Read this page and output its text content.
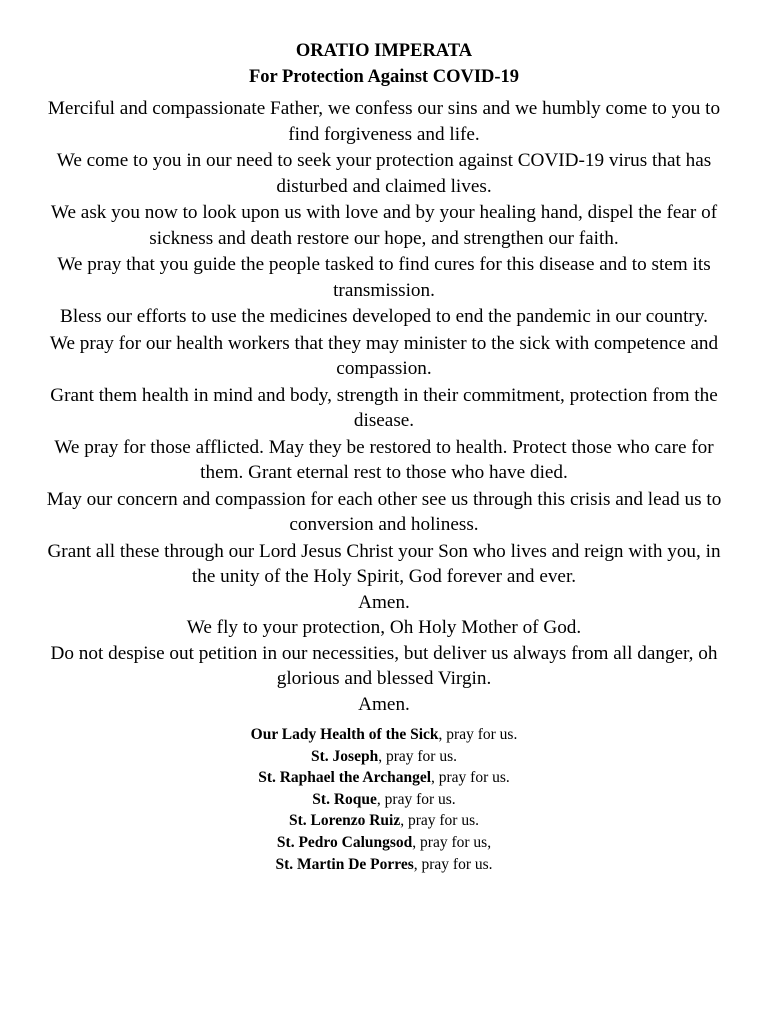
ORATIO IMPERATA

For Protection Against COVID-19

Merciful and compassionate Father, we confess our sins and we humbly come to you to find forgiveness and life.

We come to you in our need to seek your protection against COVID-19 virus that has disturbed and claimed lives.

We ask you now to look upon us with love and by your healing hand, dispel the fear of sickness and death restore our hope, and strengthen our faith.

We pray that you guide the people tasked to find cures for this disease and to stem its transmission.

Bless our efforts to use the medicines developed to end the pandemic in our country.

We pray for our health workers that they may minister to the sick with competence and compassion.

Grant them health in mind and body, strength in their commitment, protection from the disease.

We pray for those afflicted. May they be restored to health. Protect those who care for them. Grant eternal rest to those who have died.

May our concern and compassion for each other see us through this crisis and lead us to conversion and holiness.

Grant all these through our Lord Jesus Christ your Son who lives and reign with you, in the unity of the Holy Spirit, God forever and ever.

Amen.

We fly to your protection, Oh Holy Mother of God.

Do not despise out petition in our necessities, but deliver us always from all danger, oh glorious and blessed Virgin.

Amen.

Our Lady Health of the Sick, pray for us.

St. Joseph, pray for us.

St. Raphael the Archangel, pray for us.

St. Roque, pray for us.

St. Lorenzo Ruiz, pray for us.

St. Pedro Calungsod, pray for us,

St. Martin De Porres, pray for us.
